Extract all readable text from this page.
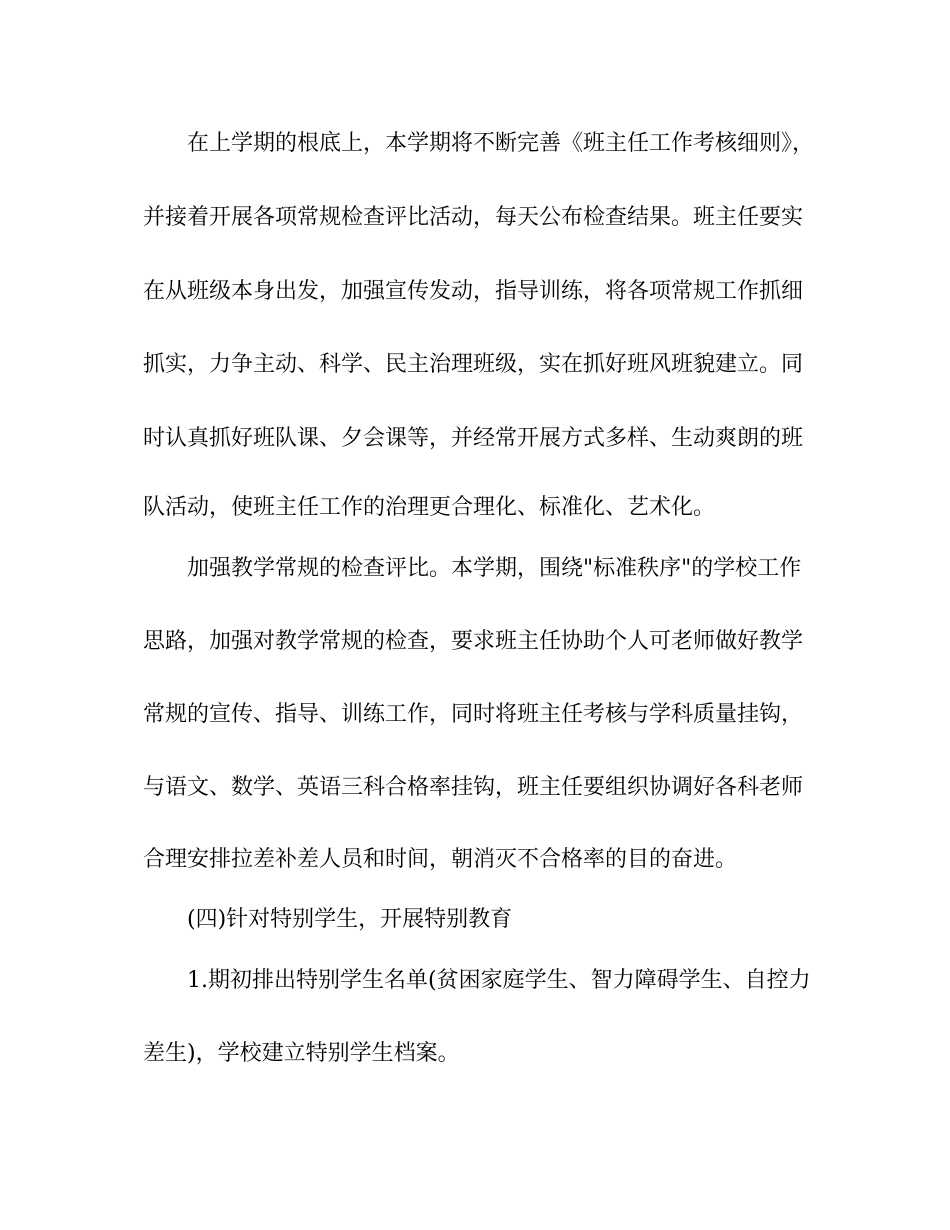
在上学期的根底上，本学期将不断完善《班主任工作考核细则》，
并接着开展各项常规检查评比活动，每天公布检查结果。班主任要实
在从班级本身出发，加强宣传发动，指导训练，将各项常规工作抓细
抓实，力争主动、科学、民主治理班级，实在抓好班风班貌建立。同
时认真抓好班队课、夕会课等，并经常开展方式多样、生动爽朗的班
队活动，使班主任工作的治理更合理化、标准化、艺术化。
加强教学常规的检查评比。本学期，围绕"标准秩序"的学校工作
思路，加强对教学常规的检查，要求班主任协助个人可老师做好教学
常规的宣传、指导、训练工作，同时将班主任考核与学科质量挂钩，
与语文、数学、英语三科合格率挂钩，班主任要组织协调好各科老师
合理安排拉差补差人员和时间，朝消灭不合格率的目的奋进。
(四)针对特别学生，开展特别教育
1.期初排出特别学生名单(贫困家庭学生、智力障碍学生、自控力
差生)，学校建立特别学生档案。
